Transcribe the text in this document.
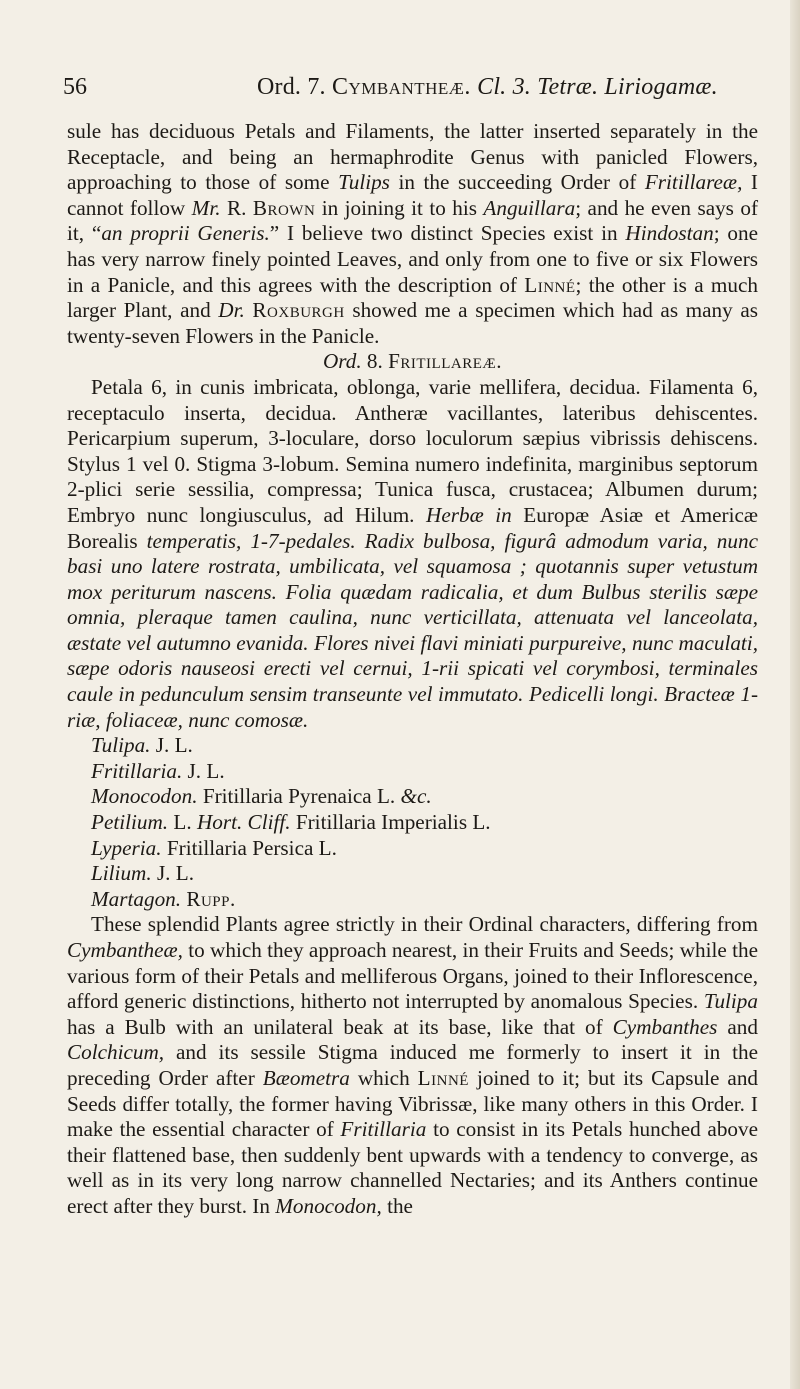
56	Ord. 7. Cymbantheæ. Cl. 3. Tetræ. Liriogamæ.

sule has deciduous Petals and Filaments, the latter inserted separately in the Receptacle, and being an hermaphrodite Genus with panicled Flowers, approaching to those of some Tulips in the succeeding Order of Fritillareæ, I cannot follow Mr. R. Brown in joining it to his Anguillara; and he even says of it, “an proprii Generis.” I believe two distinct Species exist in Hindostan; one has very narrow finely pointed Leaves, and only from one to five or six Flowers in a Panicle, and this agrees with the description of Linné; the other is a much larger Plant, and Dr. Roxburgh showed me a specimen which had as many as twenty-seven Flowers in the Panicle.

Ord. 8. Fritillareæ.

Petala 6, in cunis imbricata, oblonga, varie mellifera, decidua. Filamenta 6, receptaculo inserta, decidua. Antheræ vacillantes, lateribus dehiscentes. Pericarpium superum, 3-loculare, dorso loculorum sæpius vibrissis dehiscens. Stylus 1 vel 0. Stigma 3-lobum. Semina numero indefinita, marginibus septorum 2-plici serie sessilia, compressa; Tunica fusca, crustacea; Albumen durum; Embryo nunc longiusculus, ad Hilum. Herbæ in Europæ Asiæ et Americæ Borealis temperatis, 1-7-pedales. Radix bulbosa, figurâ admodum varia, nunc basi uno latere rostrata, umbilicata, vel squamosa ; quotannis super vetustum mox periturum nascens. Folia quædam radicalia, et dum Bulbus sterilis sæpe omnia, pleraque tamen caulina, nunc verticillata, attenuata vel lanceolata, æstate vel autumno evanida. Flores nivei flavi miniati purpureive, nunc maculati, sæpe odoris nauseosi erecti vel cernui, 1-rii spicati vel corymbosi, terminales caule in pedunculum sensim transeunte vel immutato. Pedicelli longi. Bracteæ 1-riæ, foliaceæ, nunc comosæ.

Tulipa. J. L.
Fritillaria. J. L.
Monocodon. Fritillaria Pyrenaica L. &c.
Petilium. L. Hort. Cliff. Fritillaria Imperialis L.
Lyperia. Fritillaria Persica L.
Lilium. J. L.
Martagon. Rupp.

These splendid Plants agree strictly in their Ordinal characters, differing from Cymbantheæ, to which they approach nearest, in their Fruits and Seeds; while the various form of their Petals and melliferous Organs, joined to their Inflorescence, afford generic distinctions, hitherto not interrupted by anomalous Species. Tulipa has a Bulb with an unilateral beak at its base, like that of Cymbanthes and Colchicum, and its sessile Stigma induced me formerly to insert it in the preceding Order after Bæometra which Linné joined to it; but its Capsule and Seeds differ totally, the former having Vibrissæ, like many others in this Order. I make the essential character of Fritillaria to consist in its Petals hunched above their flattened base, then suddenly bent upwards with a tendency to converge, as well as in its very long narrow channelled Nectaries; and its Anthers continue erect after they burst. In Monocodon, the
